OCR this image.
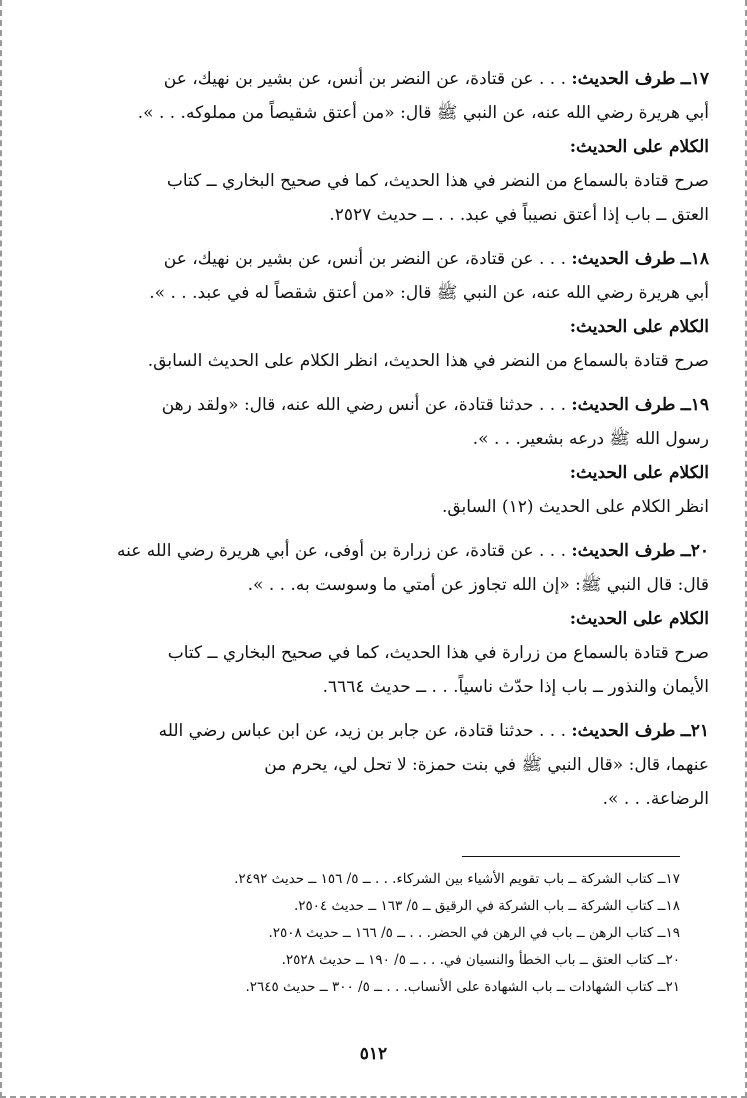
١٧ــ طرف الحديث: . . . عن قتادة، عن النضر بن أنس، عن بشير بن نهيك، عن
أبي هريرة رضي الله عنه، عن النبي ﷺ قال: «من أعتق شقيصاً من مملوكه. . . ».
الكلام على الحديث:
صرح قتادة بالسماع من النضر في هذا الحديث، كما في صحيح البخاري ــ كتاب
العتق ــ باب إذا أعتق نصيباً في عبد. . . ــ حديث ٢٥٢٧.
١٨ــ طرف الحديث: . . . عن قتادة، عن النضر بن أنس، عن بشير بن نهيك، عن
أبي هريرة رضي الله عنه، عن النبي ﷺ قال: «من أعتق شقصاً له في عبد. . . ».
الكلام على الحديث:
صرح قتادة بالسماع من النضر في هذا الحديث، انظر الكلام على الحديث السابق.
١٩ــ طرف الحديث: . . . حدثنا قتادة، عن أنس رضي الله عنه، قال: «ولقد رهن
رسول الله ﷺ درعه بشعير. . . ».
الكلام على الحديث:
انظر الكلام على الحديث (١٢) السابق.
٢٠ــ طرف الحديث: . . . عن قتادة، عن زرارة بن أوفى، عن أبي هريرة رضي الله عنه
قال: قال النبي ﷺ: «إن الله تجاوز عن أمتي ما وسوست به. . . ».
الكلام على الحديث:
صرح قتادة بالسماع من زرارة في هذا الحديث، كما في صحيح البخاري ــ كتاب
الأيمان والنذور ــ باب إذا حدّث ناسياً. . . ــ حديث ٦٦٦٤.
٢١ــ طرف الحديث: . . . حدثنا قتادة، عن جابر بن زيد، عن ابن عباس رضي الله
عنهما، قال: «قال النبي ﷺ في بنت حمزة: لا تحل لي، يحرم من
الرضاعة. . . ».
١٧ــ كتاب الشركة ــ باب تقويم الأشياء بين الشركاء. . . ــ ٥/ ١٥٦ ــ حديث ٢٤٩٢.
١٨ــ كتاب الشركة ــ باب الشركة في الرقيق ــ ٥/ ١٦٣ ــ حديث ٢٥٠٤.
١٩ــ كتاب الرهن ــ باب في الرهن في الحضر. . . ــ ٥/ ١٦٦ ــ حديث ٢٥٠٨.
٢٠ــ كتاب العتق ــ باب الخطأ والنسيان في. . . ــ ٥/ ١٩٠ ــ حديث ٢٥٢٨.
٢١ــ كتاب الشهادات ــ باب الشهادة على الأنساب. . . ــ ٥/ ٣٠٠ ــ حديث ٢٦٤٥.
٥١٢
